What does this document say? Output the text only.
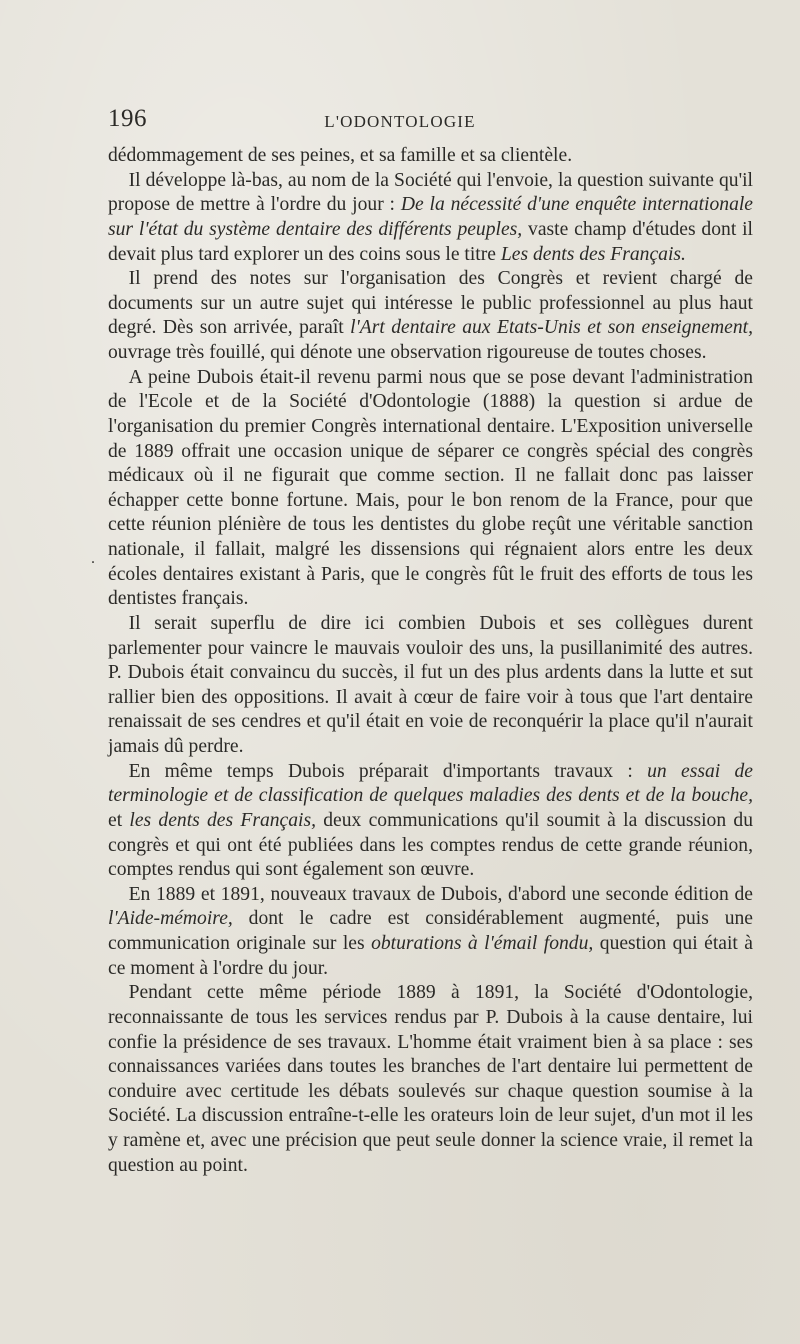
196	L'ODONTOLOGIE
.

dédommagement de ses peines, et sa famille et sa clientèle.

Il développe là-bas, au nom de la Société qui l'envoie, la question suivante qu'il propose de mettre à l'ordre du jour : De la nécessité d'une enquête internationale sur l'état du système dentaire des différents peuples, vaste champ d'études dont il devait plus tard explorer un des coins sous le titre Les dents des Français.

Il prend des notes sur l'organisation des Congrès et revient chargé de documents sur un autre sujet qui intéresse le public professionnel au plus haut degré. Dès son arrivée, paraît l'Art dentaire aux Etats-Unis et son enseignement, ouvrage très fouillé, qui dénote une observation rigoureuse de toutes choses.

A peine Dubois était-il revenu parmi nous que se pose devant l'administration de l'Ecole et de la Société d'Odontologie (1888) la question si ardue de l'organisation du premier Congrès international dentaire. L'Exposition universelle de 1889 offrait une occasion unique de séparer ce congrès spécial des congrès médicaux où il ne figurait que comme section. Il ne fallait donc pas laisser échapper cette bonne fortune. Mais, pour le bon renom de la France, pour que cette réunion plénière de tous les dentistes du globe reçût une véritable sanction nationale, il fallait, malgré les dissensions qui régnaient alors entre les deux écoles dentaires existant à Paris, que le congrès fût le fruit des efforts de tous les dentistes français.

Il serait superflu de dire ici combien Dubois et ses collègues durent parlementer pour vaincre le mauvais vouloir des uns, la pusillanimité des autres. P. Dubois était convaincu du succès, il fut un des plus ardents dans la lutte et sut rallier bien des oppositions. Il avait à cœur de faire voir à tous que l'art dentaire renaissait de ses cendres et qu'il était en voie de reconquérir la place qu'il n'aurait jamais dû perdre.

En même temps Dubois préparait d'importants travaux : un essai de terminologie et de classification de quelques maladies des dents et de la bouche, et les dents des Français, deux communications qu'il soumit à la discussion du congrès et qui ont été publiées dans les comptes rendus de cette grande réunion, comptes rendus qui sont également son œuvre.

En 1889 et 1891, nouveaux travaux de Dubois, d'abord une seconde édition de l'Aide-mémoire, dont le cadre est considérablement augmenté, puis une communication originale sur les obturations à l'émail fondu, question qui était à ce moment à l'ordre du jour.

Pendant cette même période 1889 à 1891, la Société d'Odontologie, reconnaissante de tous les services rendus par P. Dubois à la cause dentaire, lui confie la présidence de ses travaux. L'homme était vraiment bien à sa place : ses connaissances variées dans toutes les branches de l'art dentaire lui permettent de conduire avec certitude les débats soulevés sur chaque question soumise à la Société. La discussion entraîne-t-elle les orateurs loin de leur sujet, d'un mot il les y ramène et, avec une précision que peut seule donner la science vraie, il remet la question au point.
